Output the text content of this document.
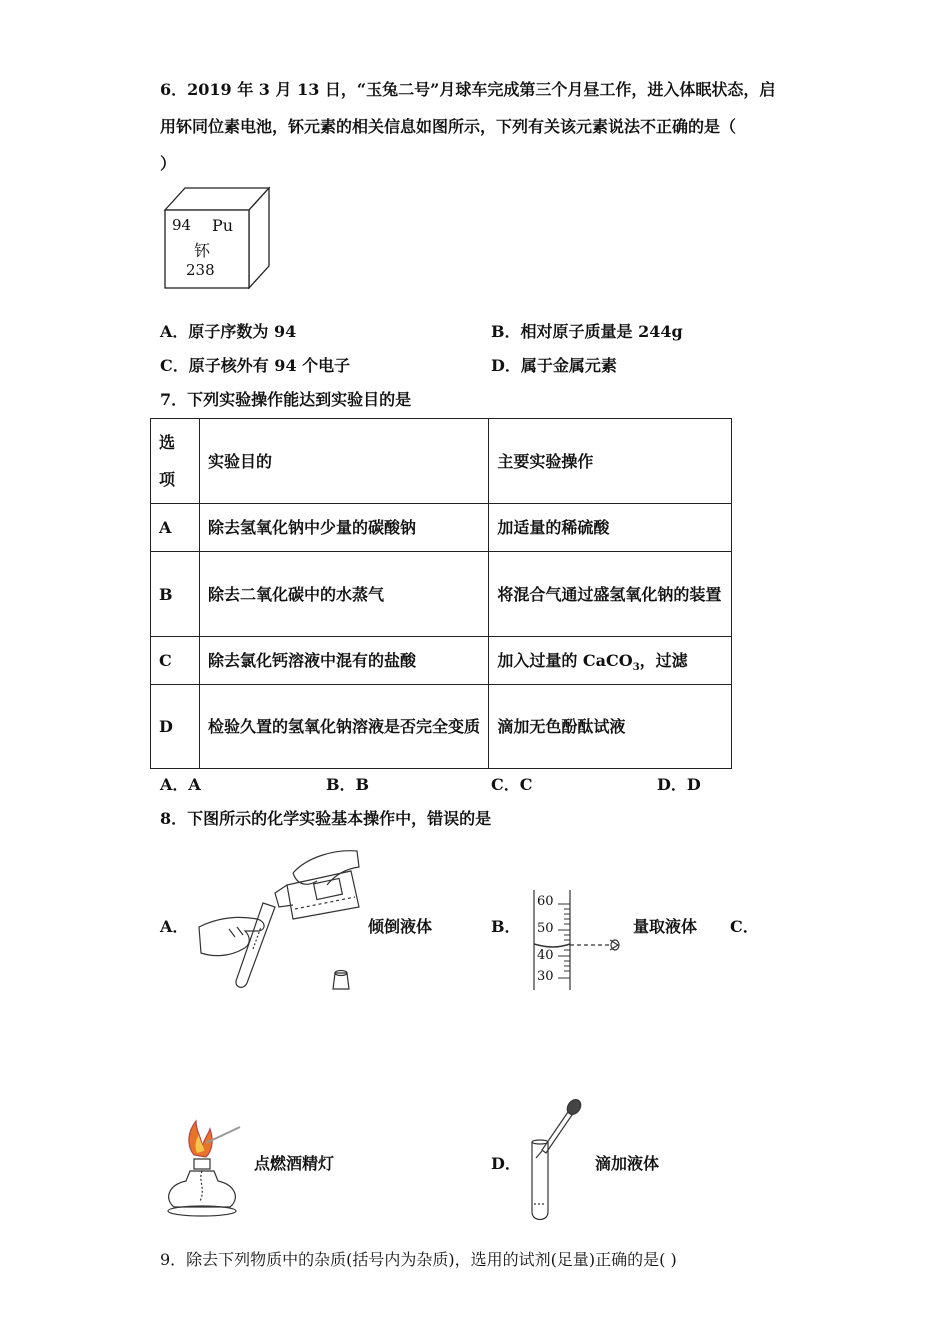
6．2019 年 3 月 13 日，“玉兔二号”月球车完成第三个月昼工作，进入体眠状态，启
用钚同位素电池，钚元素的相关信息如图所示，下列有关该元素说法不正确的是（
）
94 Pu
钚
238
A．原子序数为 94	B．相对原子质量是 244g
C．原子核外有 94 个电子	D．属于金属元素
7．下列实验操作能达到实验目的是
选
项	实验目的	主要实验操作
A	除去氢氧化钠中少量的碳酸钠	加适量的稀硫酸
B	除去二氧化碳中的水蒸气	将混合气通过盛氢氧化钠的装置
C	除去氯化钙溶液中混有的盐酸	加入过量的 CaCO$_3$，过滤
D	检验久置的氢氧化钠溶液是否完全变质	滴加无色酚酞试液
A．A	B．B	C．C	D．D
8．下图所示的化学实验基本操作中，错误的是
A．	倾倒液体	B．
60
50
40
30
量取液体 C．
点燃酒精灯	D．	滴加液体
9．除去下列物质中的杂质(括号内为杂质)，选用的试剂(足量)正确的是( )
